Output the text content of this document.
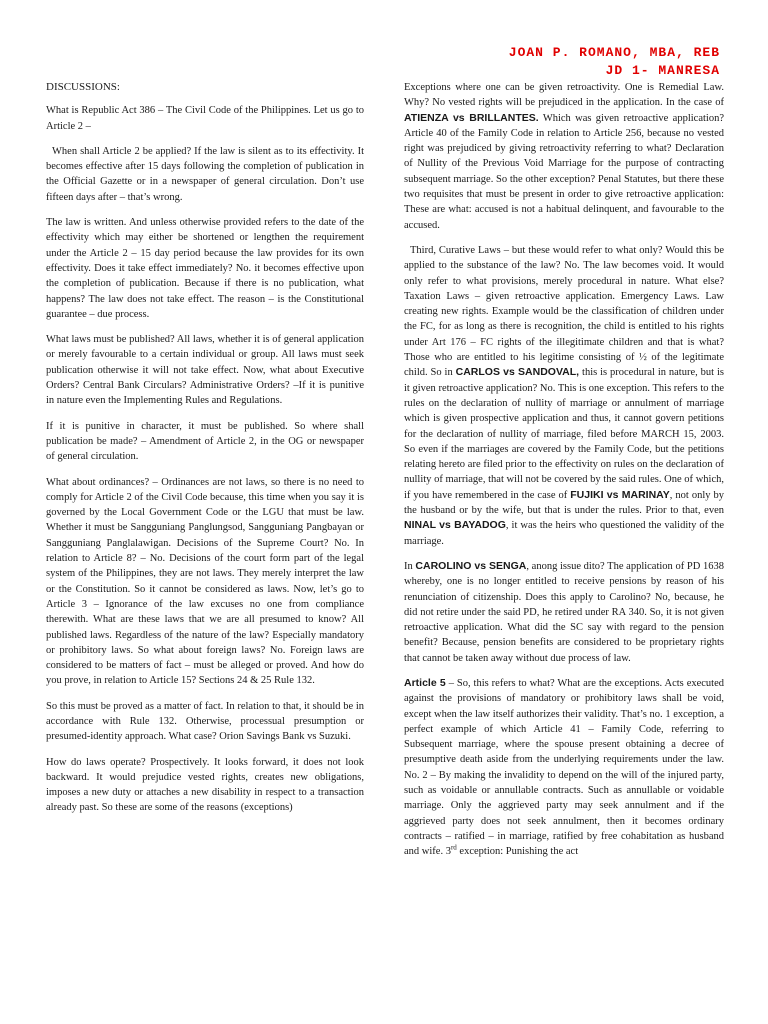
JOAN P. ROMANO, MBA, REB
JD 1- MANRESA

DISCUSSIONS:

What is Republic Act 386 – The Civil Code of the Philippines. Let us go to Article 2 –

When shall Article 2 be applied? If the law is silent as to its effectivity. It becomes effective after 15 days following the completion of publication in the Official Gazette or in a newspaper of general circulation. Don’t use fifteen days after – that’s wrong.

The law is written. And unless otherwise provided refers to the date of the effectivity which may either be shortened or lengthen the requirement under the Article 2 – 15 day period because the law provides for its own effectivity. Does it take effect immediately? No. it becomes effective upon the completion of publication. Because if there is no publication, what happens? The law does not take effect. The reason – is the Constitutional guarantee – due process.

What laws must be published? All laws, whether it is of general application or merely favourable to a certain individual or group. All laws must seek publication otherwise it will not take effect. Now, what about Executive Orders? Central Bank Circulars? Administrative Orders? –If it is punitive in nature even the Implementing Rules and Regulations.

If it is punitive in character, it must be published. So where shall publication be made? – Amendment of Article 2, in the OG or newspaper of general circulation.

What about ordinances? – Ordinances are not laws, so there is no need to comply for Article 2 of the Civil Code because, this time when you say it is governed by the Local Government Code or the LGU that must be law. Whether it must be Sangguniang Panglungsod, Sangguniang Pangbayan or Sangguniang Panglalawigan. Decisions of the Supreme Court? No. In relation to Article 8? – No. Decisions of the court form part of the legal system of the Philippines, they are not laws. They merely interpret the law or the Constitution. So it cannot be considered as laws. Now, let’s go to Article 3 – Ignorance of the law excuses no one from compliance therewith. What are these laws that we are all presumed to know? All published laws. Regardless of the nature of the law? Especially mandatory or prohibitory laws. So what about foreign laws? No. Foreign laws are considered to be matters of fact – must be alleged or proved. And how do you prove, in relation to Article 15? Sections 24 & 25 Rule 132.

So this must be proved as a matter of fact. In relation to that, it should be in accordance with Rule 132. Otherwise, processual presumption or presumed-identity approach. What case? Orion Savings Bank vs Suzuki.

How do laws operate? Prospectively. It looks forward, it does not look backward. It would prejudice vested rights, creates new obligations, imposes a new duty or attaches a new disability in respect to a transaction already past. So these are some of the reasons (exceptions)

Exceptions where one can be given retroactivity. One is Remedial Law. Why? No vested rights will be prejudiced in the application. In the case of ATIENZA vs BRILLANTES. Which was given retroactive application? Article 40 of the Family Code in relation to Article 256, because no vested right was prejudiced by giving retroactivity referring to what? Declaration of Nullity of the Previous Void Marriage for the purpose of contracting subsequent marriage. So the other exception? Penal Statutes, but there these two requisites that must be present in order to give retroactive application: These are what: accused is not a habitual delinquent, and favourable to the accused.

Third, Curative Laws – but these would refer to what only? Would this be applied to the substance of the law? No. The law becomes void. It would only refer to what provisions, merely procedural in nature. What else? Taxation Laws – given retroactive application. Emergency Laws. Law creating new rights. Example would be the classification of children under the FC, for as long as there is recognition, the child is entitled to his rights under Art 176 – FC rights of the illegitimate children and that is what? Those who are entitled to his legitime consisting of ½ of the legitimate child. So in CARLOS vs SANDOVAL, this is procedural in nature, but is it given retroactive application? No. This is one exception. This refers to the rules on the declaration of nullity of marriage or annulment of marriage which is given prospective application and thus, it cannot govern petitions for the declaration of nullity of marriage, filed before MARCH 15, 2003. So even if the marriages are covered by the Family Code, but the petitions relating hereto are filed prior to the effectivity on rules on the declaration of nullity of marriage, that will not be covered by the said rules. One of which, if you have remembered in the case of FUJIKI vs MARINAY, not only by the husband or by the wife, but that is under the rules. Prior to that, even NINAL vs BAYADOG, it was the heirs who questioned the validity of the marriage.

In CAROLINO vs SENGA, anong issue dito? The application of PD 1638 whereby, one is no longer entitled to receive pensions by reason of his renunciation of citizenship. Does this apply to Carolino? No, because, he did not retire under the said PD, he retired under RA 340. So, it is not given retroactive application. What did the SC say with regard to the pension benefit? Because, pension benefits are considered to be proprietary rights that cannot be taken away without due process of law.

Article 5 – So, this refers to what? What are the exceptions. Acts executed against the provisions of mandatory or prohibitory laws shall be void, except when the law itself authorizes their validity. That’s no. 1 exception, a perfect example of which Article 41 – Family Code, referring to Subsequent marriage, where the spouse present obtaining a decree of presumptive death aside from the underlying requirements under the law. No. 2 – By making the invalidity to depend on the will of the injured party, such as voidable or annullable contracts. Such as annullable or voidable marriage. Only the aggrieved party may seek annulment and if the aggrieved party does not seek annulment, then it becomes ordinary contracts – ratified – in marriage, ratified by free cohabitation as husband and wife. 3rd exception: Punishing the act
